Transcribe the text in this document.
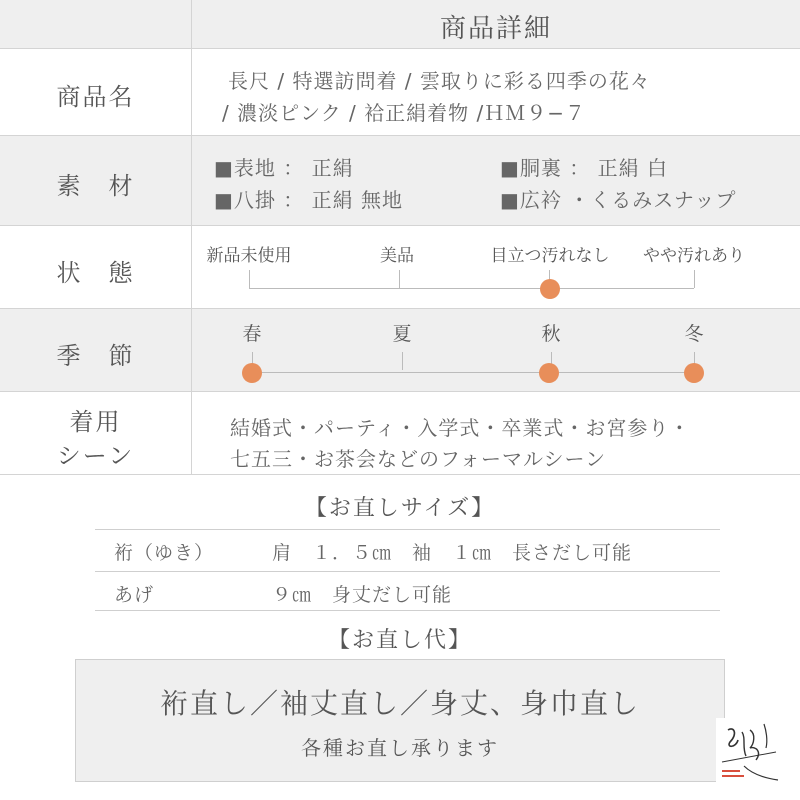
商品詳細
商品名
長尺 / 特選訪問着 / 雲取りに彩る四季の花々
/ 濃淡ピンク / 袷正絹着物 /ＨＭ９−７
素　材
■表地 ： 正絹
■八掛 ： 正絹 無地
■胴裏 ： 正絹 白
■広衿 ・くるみスナップ
状　態
新品未使用	美品	目立つ汚れなし やや汚れあり
季　節
春	夏	秋	冬
着用
シーン
結婚式・パーティ・入学式・卒業式・お宮参り・
七五三・お茶会などのフォーマルシーン
【お直しサイズ】
裄（ゆき）	肩　１．５㎝　袖　１㎝　長さだし可能
あげ	９㎝　身丈だし可能
【お直し代】
裄直し／袖丈直し／身丈、身巾直し
各種お直し承ります
